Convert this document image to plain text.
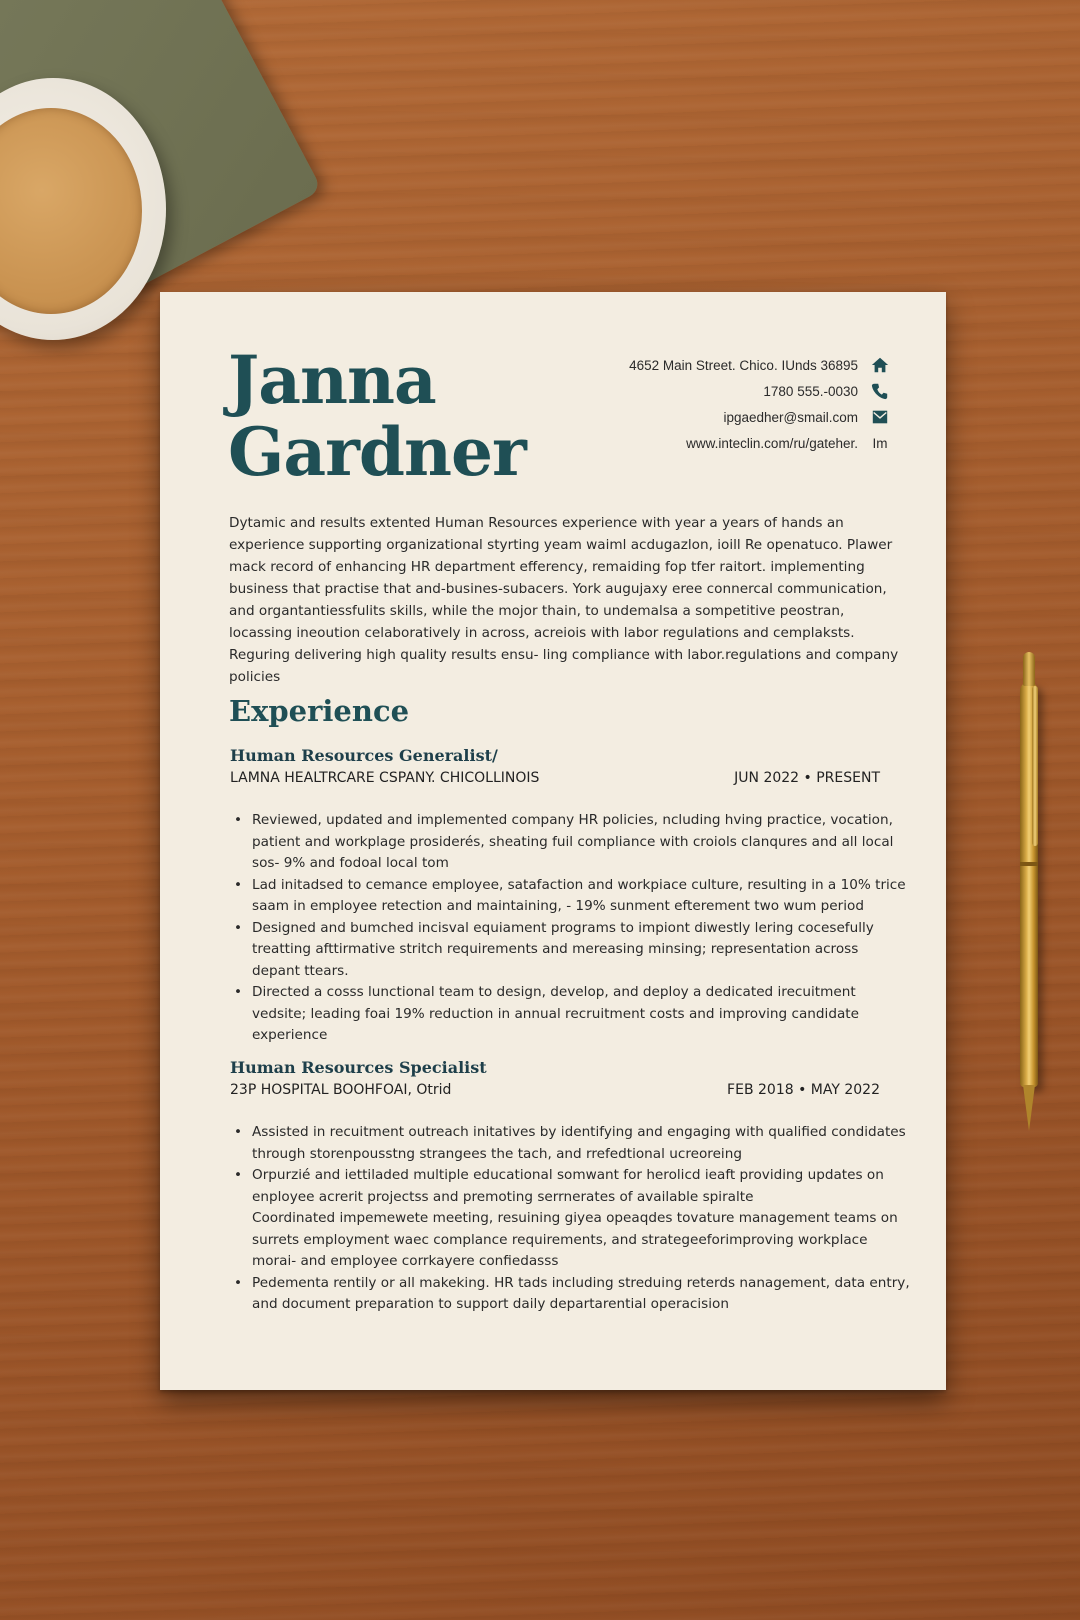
Janna
Gardner
4652 Main Street. Chico. IUnds 36895
1780 555.-0030
ipgaedher@smail.com
www.inteclin.com/ru/gateher. Im

Dytamic and results extented Human Resources experience with year a years of hands an experience supporting organizational styrting yeam waiml acdugazlon, ioill Re openatuco. Plawer mack record of enhancing HR department efferency, remaiding fop tfer raitort. implementing business that practise that and-busines-subacers. York augujaxy eree connercal communication, and organtantiessfulits skills, while the mojor thain, to undemalsa a sompetitive peostran, locassing ineoution celaboratively in across, acreiois with labor regulations and cemplaksts. Reguring delivering high quality results ensu- ling compliance with labor.regulations and company policies

Experience
Human Resources Generalist/
LAMNA HEALTRCARE CSPANY. CHICOLLINOIS	JUN 2022 • PRESENT
• Reviewed, updated and implemented company HR policies, ncluding hving practice, vocation, patient and workplage prosiderés, sheating fuil compliance with croiols clanqures and all local sos- 9% and fodoal local tom
• Lad initadsed to cemance employee, satafaction and workpiace culture, resulting in a 10% trice saam in employee retection and maintaining, - 19% sunment efterement two wum period
• Designed and bumched incisval equiament programs to impiont diwestly lering cocesefully treatting afttirmative stritch requirements and mereasing minsing; representation across depant ttears.
• Directed a cosss lunctional team to design, develop, and deploy a dedicated irecuitment vedsite; leading foai 19% reduction in annual recruitment costs and improving candidate experience
Human Resources Specialist
23P HOSPITAL BOOHFOAI, Otrid	FEB 2018 • MAY 2022
• Assisted in recuitment outreach initatives by identifying and engaging with qualified condidates through storenpousstng strangees the tach, and rrefedtional ucreoreing
• Orpurzié and iettiladed multiple educational somwant for herolicd ieaft providing updates on enployee acrerit projectss and premoting serrnerates of available spiralte
Coordinated impemewete meeting, resuining giyea opeaqdes tovature management teams on surrets employment waec complance requirements, and strategeeforimproving workplace morai- and employee corrkayere confiedasss
• Pedementa rentily or all makeking. HR tads including streduing reterds nanagement, data entry, and document preparation to support daily departarential operacision
